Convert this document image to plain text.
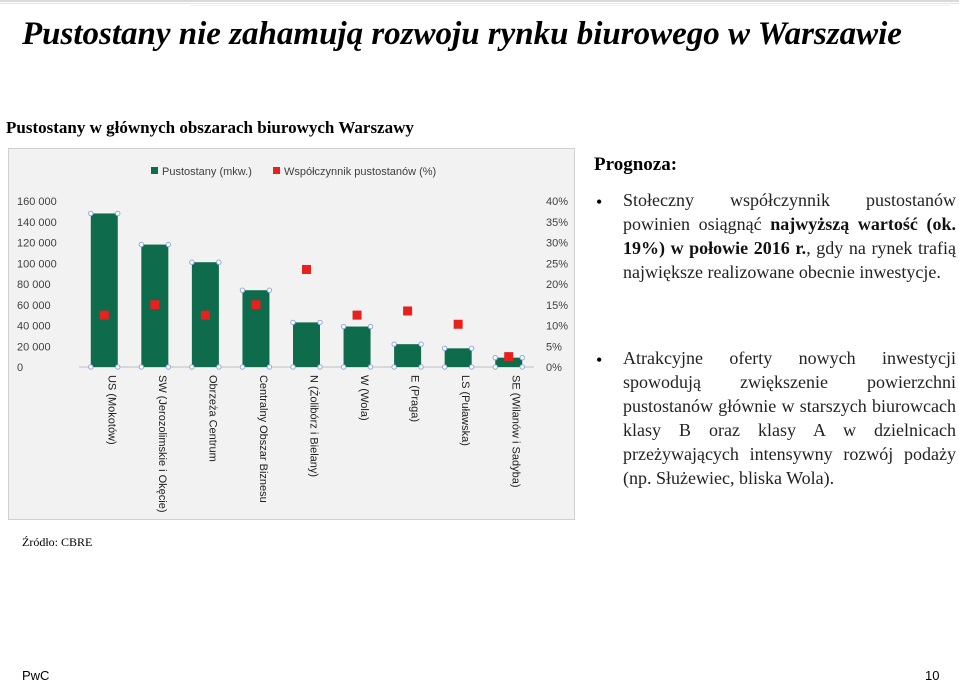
Pustostany nie zahamują rozwoju rynku biurowego w Warszawie
Pustostany w głównych obszarach biurowych Warszawy
Pustostany (mkw.)	Współczynnik pustostanów (%)
0
20 000
40 000
60 000
80 000
100 000
120 000
140 000
160 000
0%
5%
10%
15%
20%
25%
30%
35%
40%
US (Mokotów)	SW (Jerozolimskie i Okęcie)	Obrzeża Centrum	Centralny Obszar Biznesu	N (Żolibórz i Bielany)	W (Wola)	E (Praga)	LS (Puławska)	SE (Wilanów i Sadyba)
Prognoza:
• Stołeczny współczynnik pustostanów powinien osiągnąć najwyższą wartość (ok. 19%) w połowie 2016 r., gdy na rynek trafią największe realizowane obecnie inwestycje.
• Atrakcyjne oferty nowych inwestycji spowodują zwiększenie powierzchni pustostanów głównie w starszych biurowcach klasy B oraz klasy A w dzielnicach przeżywających intensywny rozwój podaży (np. Służewiec, bliska Wola).
Źródło: CBRE
PwC	10
